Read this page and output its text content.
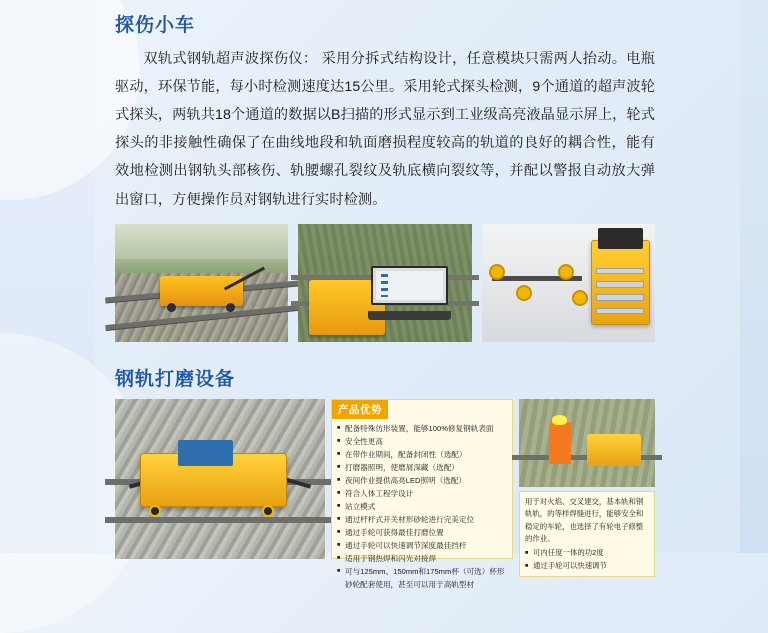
探伤小车
双轨式钢轨超声波探伤仪： 采用分拆式结构设计，任意模块只需两人抬动。电瓶驱动，环保节能，每小时检测速度达15公里。采用轮式探头检测，9个通道的超声波轮式探头，两轨共18个通道的数据以B扫描的形式显示到工业级高亮液晶显示屏上，轮式探头的非接触性确保了在曲线地段和轨面磨损程度较高的轨道的良好的耦合性，能有效地检测出钢轨头部核伤、轨腰螺孔裂纹及轨底横向裂纹等，并配以警报自动放大弹出窗口，方便操作员对钢轨进行实时检测。
钢轨打磨设备
产品优势
■ 配备特殊仿形装置，能够100%修复钢轨表面
■ 安全性更高
■ 在带作业期间，配备封闭性（选配）
■ 打磨器照明，使磨屑深藏（选配）
■ 夜间作业提供高亮LED照明（选配）
■ 符合人体工程学设计
■ 站立模式
■ 通过杆杆式开关材形砂轮进行完美定位
■ 通过手轮可获得最佳打磨位置
■ 通过手轮可以快速调节深度最佳挡杆
■ 适用于钢热焊和闪光对接焊
■ 可与125mm、150mm和175mm杯（可选）杯形砂轮配套使用，甚至可以用于高轨型材
用于对火焰、交叉建交，基本轨和钢轨轨，的等样焊缝进行，能够安全和稳定的车轮，也选择了有轮电子修整的作业。
■ 可内任度一体的功2度
■ 通过手轮可以快速调节
